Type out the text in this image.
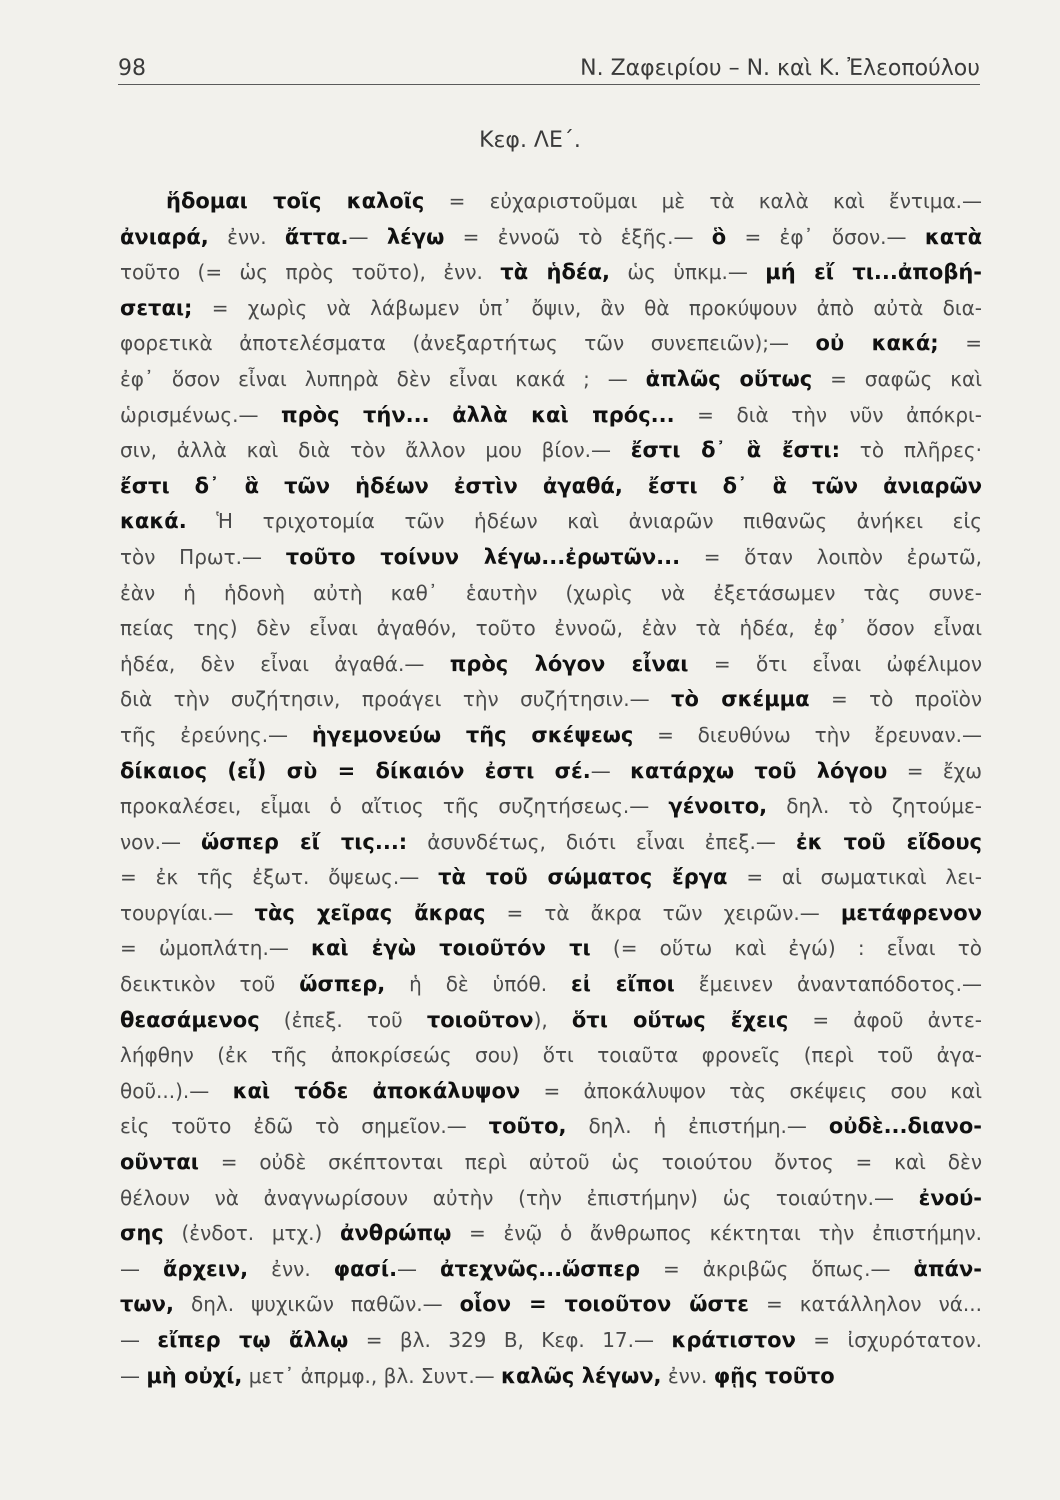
98	Ν. Ζαφειρίου – Ν. καὶ Κ. Ἐλεοπούλου
Κεφ. ΛΕ΄.
ἥδομαι τοῖς καλοῖς = εὐχαριστοῦμαι μὲ τὰ καλὰ καὶ ἔντιμα.—
ἀνιαρά, ἐνν. ἄττα.— λέγω = ἐννοῶ τὸ ἑξῆς.— ὃ = ἐφ᾽ ὅσον.— κατὰ
τοῦτο (= ὡς πρὸς τοῦτο), ἐνν. τὰ ἡδέα, ὡς ὑπκμ.— μή εἴ τι...ἀποβή-
σεται; = χωρὶς νὰ λάβωμεν ὑπ᾽ ὄψιν, ἂν θὰ προκύψουν ἀπὸ αὐτὰ δια-
φορετικὰ ἀποτελέσματα (ἀνεξαρτήτως τῶν συνεπειῶν);— οὐ κακά; =
ἐφ᾽ ὅσον εἶναι λυπηρὰ δὲν εἶναι κακά ; — ἁπλῶς οὕτως = σαφῶς καὶ
ὡρισμένως.— πρὸς τήν... ἀλλὰ καὶ πρός... = διὰ τὴν νῦν ἀπόκρι-
σιν, ἀλλὰ καὶ διὰ τὸν ἄλλον μου βίον.— ἔστι δ᾽ ἃ ἔστι: τὸ πλῆρες·
ἔστι δ᾽ ἃ τῶν ἡδέων ἐστὶν ἀγαθά, ἔστι δ᾽ ἃ τῶν ἀνιαρῶν
κακά. Ἡ τριχοτομία τῶν ἡδέων καὶ ἀνιαρῶν πιθανῶς ἀνήκει εἰς
τὸν Πρωτ.— τοῦτο τοίνυν λέγω...ἐρωτῶν... = ὅταν λοιπὸν ἐρωτῶ,
ἐὰν ἡ ἡδονὴ αὐτὴ καθ᾽ ἑαυτὴν (χωρὶς νὰ ἐξετάσωμεν τὰς συνε-
πείας της) δὲν εἶναι ἀγαθόν, τοῦτο ἐννοῶ, ἐὰν τὰ ἡδέα, ἐφ᾽ ὅσον εἶναι
ἡδέα, δὲν εἶναι ἀγαθά.— πρὸς λόγον εἶναι = ὅτι εἶναι ὠφέλιμον
διὰ τὴν συζήτησιν, προάγει τὴν συζήτησιν.— τὸ σκέμμα = τὸ προϊὸν
τῆς ἐρεύνης.— ἡγεμονεύω τῆς σκέψεως = διευθύνω τὴν ἔρευναν.—
δίκαιος (εἶ) σὺ = δίκαιόν ἐστι σέ.— κατάρχω τοῦ λόγου = ἔχω
προκαλέσει, εἶμαι ὁ αἴτιος τῆς συζητήσεως.— γένοιτο, δηλ. τὸ ζητούμε-
νον.— ὥσπερ εἴ τις...: ἀσυνδέτως, διότι εἶναι ἐπεξ.— ἐκ τοῦ εἴδους
= ἐκ τῆς ἐξωτ. ὄψεως.— τὰ τοῦ σώματος ἔργα = αἱ σωματικαὶ λει-
τουργίαι.— τὰς χεῖρας ἄκρας = τὰ ἄκρα τῶν χειρῶν.— μετάφρενον
= ὠμοπλάτη.— καὶ ἐγὼ τοιοῦτόν τι (= οὕτω καὶ ἐγώ) : εἶναι τὸ
δεικτικὸν τοῦ ὥσπερ, ἡ δὲ ὑπόθ. εἰ εἴποι ἔμεινεν ἀνανταπόδοτος.—
θεασάμενος (ἐπεξ. τοῦ τοιοῦτον), ὅτι οὕτως ἔχεις = ἀφοῦ ἀντε-
λήφθην (ἐκ τῆς ἀποκρίσεώς σου) ὅτι τοιαῦτα φρονεῖς (περὶ τοῦ ἀγα-
θοῦ...).— καὶ τόδε ἀποκάλυψον = ἀποκάλυψον τὰς σκέψεις σου καὶ
εἰς τοῦτο ἐδῶ τὸ σημεῖον.— τοῦτο, δηλ. ἡ ἐπιστήμη.— οὐδὲ...διανο-
οῦνται = οὐδὲ σκέπτονται περὶ αὐτοῦ ὡς τοιούτου ὄντος = καὶ δὲν
θέλουν νὰ ἀναγνωρίσουν αὐτὴν (τὴν ἐπιστήμην) ὡς τοιαύτην.— ἐνού-
σης (ἐνδοτ. μτχ.) ἀνθρώπῳ = ἐνῷ ὁ ἄνθρωπος κέκτηται τὴν ἐπιστήμην.
— ἄρχειν, ἐνν. φασί.— ἀτεχνῶς...ὥσπερ = ἀκριβῶς ὅπως.— ἁπάν-
των, δηλ. ψυχικῶν παθῶν.— οἷον = τοιοῦτον ὥστε = κατάλληλον νά...
— εἴπερ τῳ ἄλλῳ = βλ. 329 Β, Κεφ. 17.— κράτιστον = ἰσχυρότατον.
— μὴ οὐχί, μετ᾽ ἀπρμφ., βλ. Συντ.— καλῶς λέγων, ἐνν. φῇς τοῦτο
